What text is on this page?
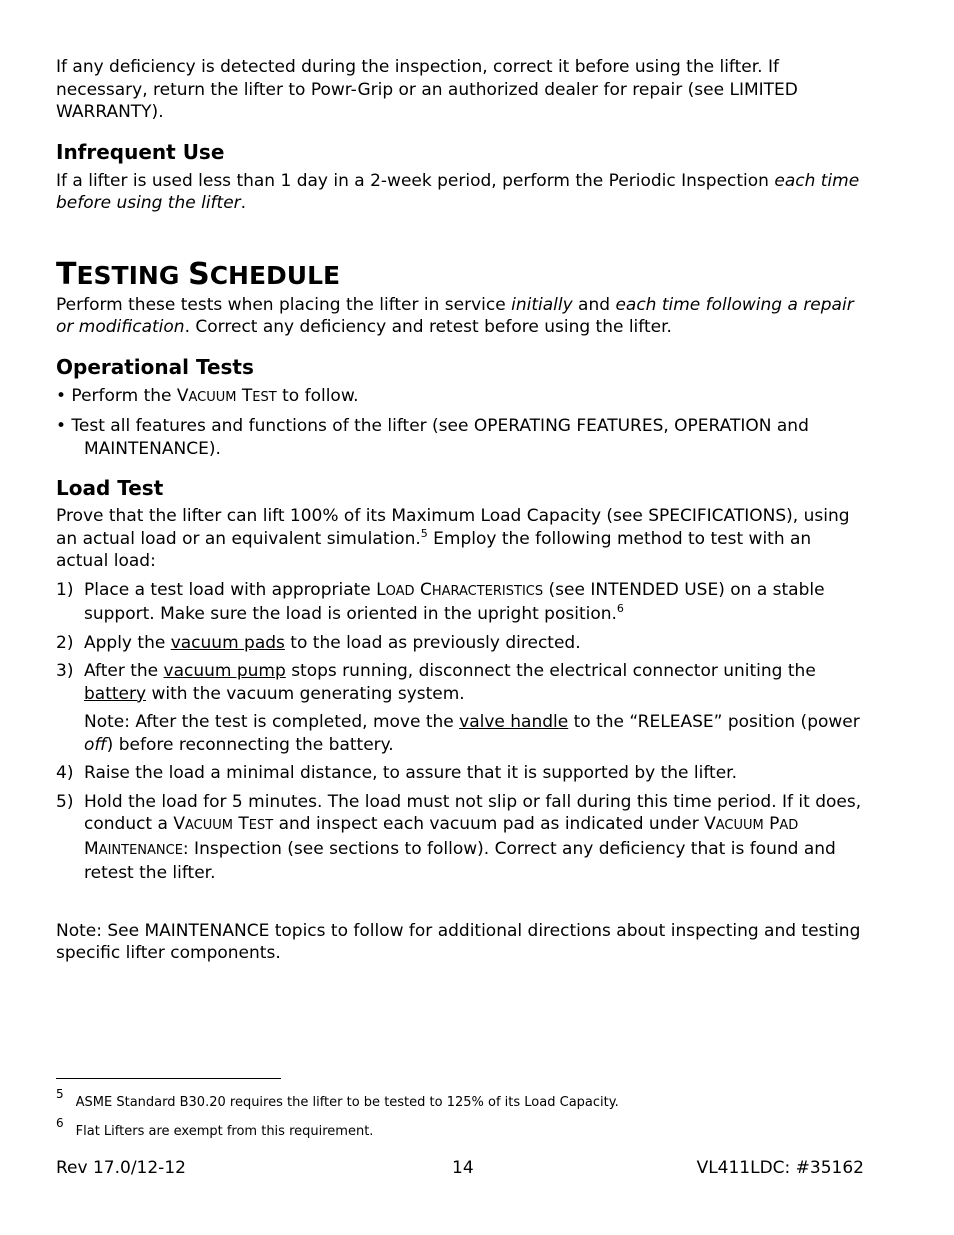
If any deficiency is detected during the inspection, correct it before using the lifter. If necessary, return the lifter to Powr-Grip or an authorized dealer for repair (see LIMITED WARRANTY).

Infrequent Use

If a lifter is used less than 1 day in a 2-week period, perform the Periodic Inspection each time before using the lifter.

TESTING SCHEDULE

Perform these tests when placing the lifter in service initially and each time following a repair or modification. Correct any deficiency and retest before using the lifter.

Operational Tests

• Perform the VACUUM TEST to follow.

• Test all features and functions of the lifter (see OPERATING FEATURES, OPERATION and MAINTENANCE).

Load Test

Prove that the lifter can lift 100% of its Maximum Load Capacity (see SPECIFICATIONS), using an actual load or an equivalent simulation.$^5$ Employ the following method to test with an actual load:

1) Place a test load with appropriate LOAD CHARACTERISTICS (see INTENDED USE) on a stable support. Make sure the load is oriented in the upright position.$^6$
2) Apply the vacuum pads to the load as previously directed.
3) After the vacuum pump stops running, disconnect the electrical connector uniting the battery with the vacuum generating system.
Note: After the test is completed, move the valve handle to the “RELEASE” position (power off) before reconnecting the battery.
4) Raise the load a minimal distance, to assure that it is supported by the lifter.
5) Hold the load for 5 minutes. The load must not slip or fall during this time period. If it does, conduct a VACUUM TEST and inspect each vacuum pad as indicated under VACUUM PAD MAINTENANCE: Inspection (see sections to follow). Correct any deficiency that is found and retest the lifter.

Note: See MAINTENANCE topics to follow for additional directions about inspecting and testing specific lifter components.

$^5$ASME Standard B30.20 requires the lifter to be tested to 125% of its Load Capacity.
$^6$Flat Lifters are exempt from this requirement.
Rev 17.0/12-12	14	VL411LDC: #35162
